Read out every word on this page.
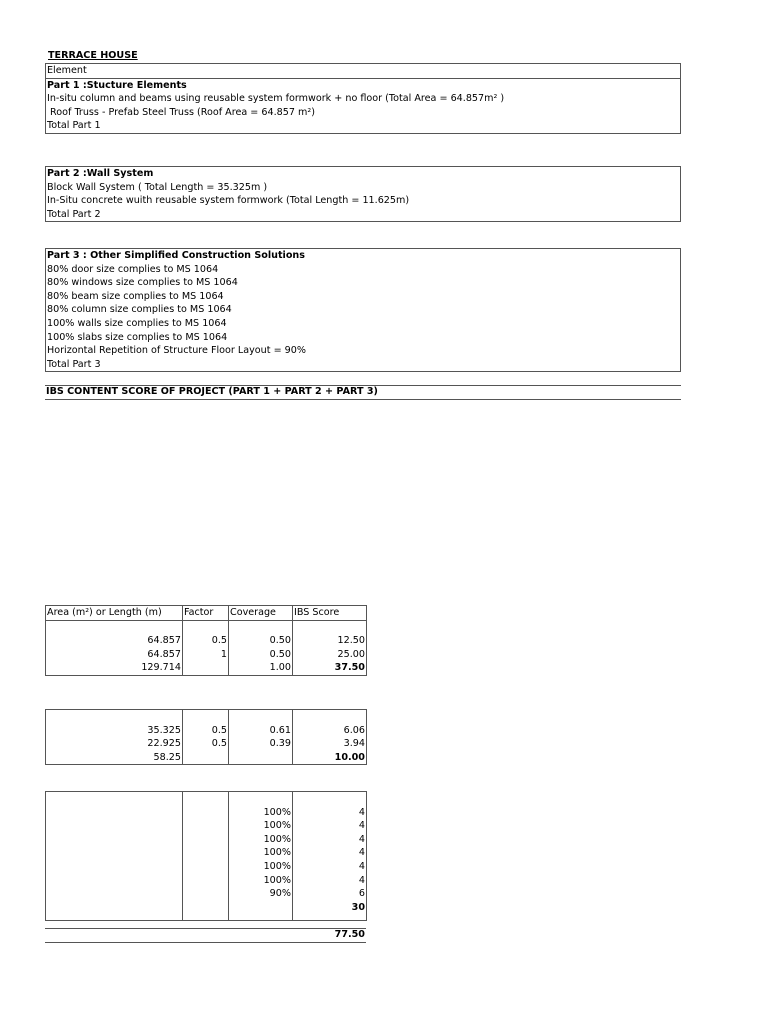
TERRACE HOUSE
Element
Part 1 :Stucture Elements
In-situ column and beams using reusable system formwork + no floor (Total Area = 64.857m² )
Roof Truss - Prefab Steel Truss (Roof Area = 64.857 m²)
Total Part 1
Part 2 :Wall System
Block Wall System ( Total Length = 35.325m )
In-Situ concrete wuith reusable system formwork (Total Length = 11.625m)
Total Part 2
Part 3 : Other Simplified Construction Solutions
80% door size complies to MS 1064
80% windows size complies to MS 1064
80% beam size complies to MS 1064
80% column size complies to MS 1064
100% walls size complies to MS 1064
100% slabs size complies to MS 1064
Horizontal Repetition of Structure Floor Layout = 90%
Total Part 3
IBS CONTENT SCORE OF PROJECT (PART 1 + PART 2 + PART 3)
Area (m²) or Length (m)	Factor	Coverage	IBS Score

64.857	0.5	0.50	12.50
64.857	1	0.50	25.00
129.714		1.00	37.50

35.325	0.5	0.61	6.06
22.925	0.5	0.39	3.94
58.25			10.00

		100%	4
		100%	4
		100%	4
		100%	4
		100%	4
		100%	4
		90%	6
			30

77.50
